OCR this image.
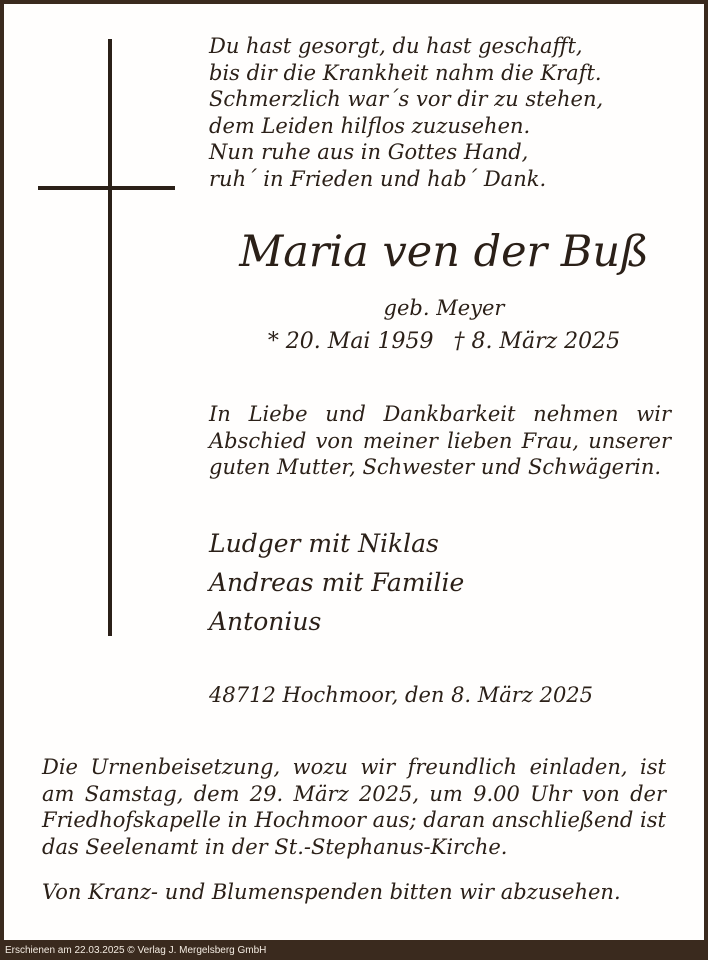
Du hast gesorgt, du hast geschafft,
bis dir die Krankheit nahm die Kraft.
Schmerzlich war´s vor dir zu stehen,
dem Leiden hilflos zuzusehen.
Nun ruhe aus in Gottes Hand,
ruh´ in Frieden und hab´ Dank.
Maria ven der Buß
geb. Meyer
* 20. Mai 1959 † 8. März 2025
In Liebe und Dankbarkeit nehmen wir Abschied von meiner lieben Frau, unserer guten Mutter, Schwester und Schwägerin.
Ludger mit Niklas
Andreas mit Familie
Antonius
48712 Hochmoor, den 8. März 2025
Die Urnenbeisetzung, wozu wir freundlich einladen, ist am Samstag, dem 29. März 2025, um 9.00 Uhr von der Friedhofskapelle in Hochmoor aus; daran anschließend ist das Seelenamt in der St.-Stephanus-Kirche.
Von Kranz- und Blumenspenden bitten wir abzusehen.
Erschienen am 22.03.2025 © Verlag J. Mergelsberg GmbH
